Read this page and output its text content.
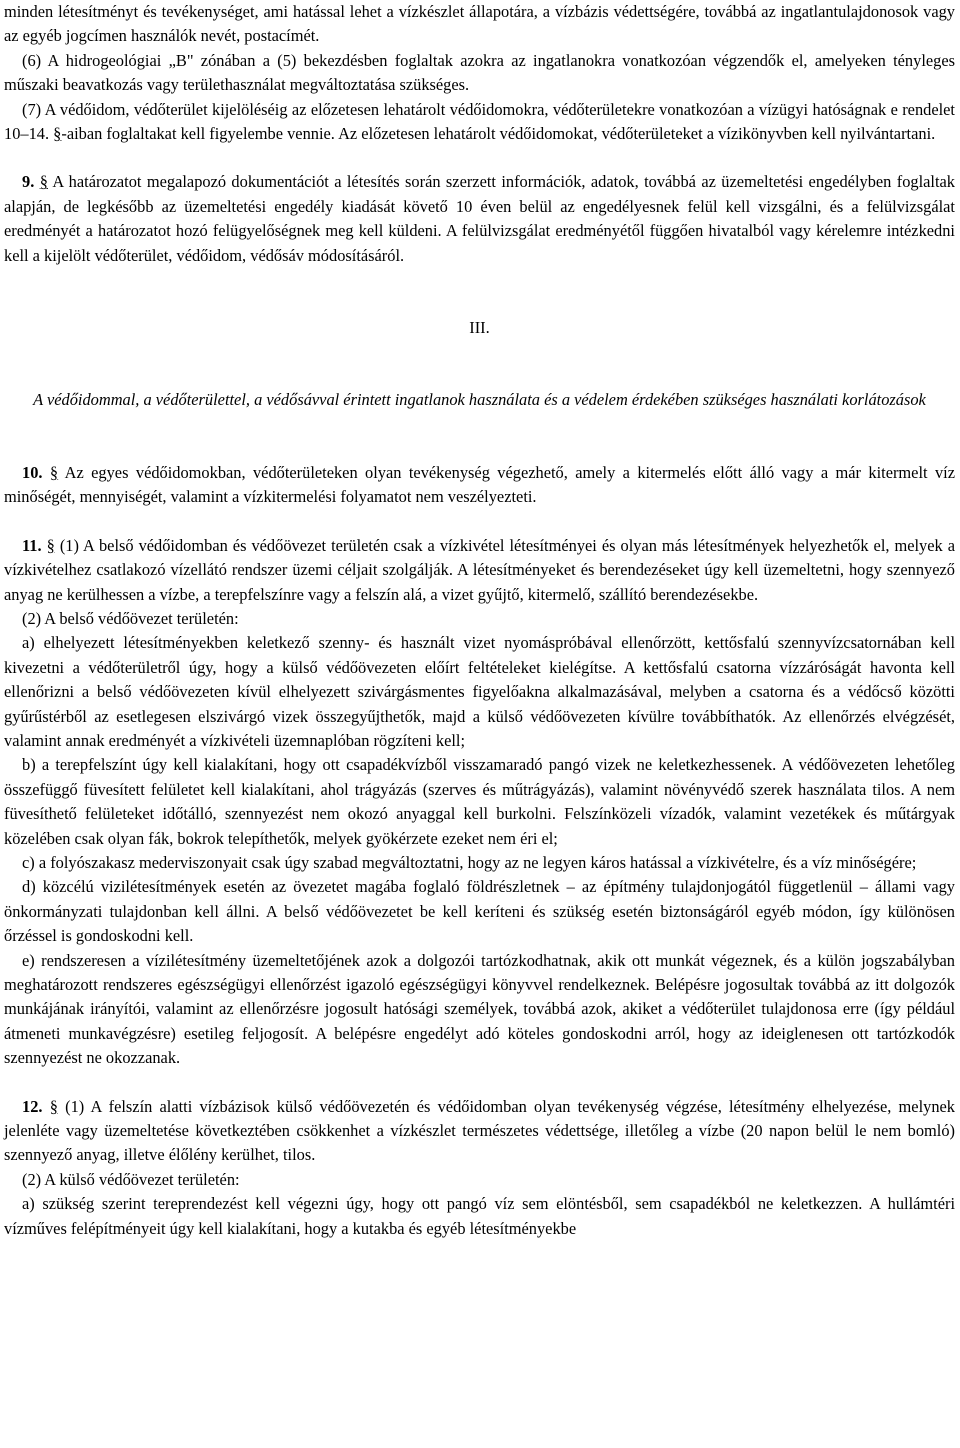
minden létesítményt és tevékenységet, ami hatással lehet a vízkészlet állapotára, a vízbázis védettségére, továbbá az ingatlantulajdonosok vagy az egyéb jogcímen használók nevét, postacímét.

(6) A hidrogeológiai „B" zónában a (5) bekezdésben foglaltak azokra az ingatlanokra vonatkozóan végzendők el, amelyeken tényleges műszaki beavatkozás vagy területhasználat megváltoztatása szükséges.

(7) A védőidom, védőterület kijelöléséig az előzetesen lehatárolt védőidomokra, védőterületekre vonatkozóan a vízügyi hatóságnak e rendelet 10–14. §-aiban foglaltakat kell figyelembe vennie. Az előzetesen lehatárolt védőidomokat, védőterületeket a vízikönyvben kell nyilvántartani.

9. § A határozatot megalapozó dokumentációt a létesítés során szerzett információk, adatok, továbbá az üzemeltetési engedélyben foglaltak alapján, de legkésőbb az üzemeltetési engedély kiadását követő 10 éven belül az engedélyesnek felül kell vizsgálni, és a felülvizsgálat eredményét a határozatot hozó felügyelőségnek meg kell küldeni. A felülvizsgálat eredményétől függően hivatalból vagy kérelemre intézkedni kell a kijelölt védőterület, védőidom, védősáv módosításáról.

III.

A védőidommal, a védőterülettel, a védősávval érintett ingatlanok használata és a védelem érdekében szükséges használati korlátozások

10. § Az egyes védőidomokban, védőterületeken olyan tevékenység végezhető, amely a kitermelés előtt álló vagy a már kitermelt víz minőségét, mennyiségét, valamint a vízkitermelési folyamatot nem veszélyezteti.

11. § (1) A belső védőidomban és védőövezet területén csak a vízkivétel létesítményei és olyan más létesítmények helyezhetők el, melyek a vízkivételhez csatlakozó vízellátó rendszer üzemi céljait szolgálják. A létesítményeket és berendezéseket úgy kell üzemeltetni, hogy szennyező anyag ne kerülhessen a vízbe, a terepfelszínre vagy a felszín alá, a vizet gyűjtő, kitermelő, szállító berendezésekbe.

(2) A belső védőövezet területén:

a) elhelyezett létesítményekben keletkező szenny- és használt vizet nyomáspróbával ellenőrzött, kettősfalú szennyvízcsatornában kell kivezetni a védőterületről úgy, hogy a külső védőövezeten előírt feltételeket kielégítse. A kettősfalú csatorna vízzáróságát havonta kell ellenőrizni a belső védőövezeten kívül elhelyezett szivárgásmentes figyelőakna alkalmazásával, melyben a csatorna és a védőcső közötti gyűrűstérből az esetlegesen elszivárgó vizek összegyűjthetők, majd a külső védőövezeten kívülre továbbíthatók. Az ellenőrzés elvégzését, valamint annak eredményét a vízkivételi üzemnaplóban rögzíteni kell;

b) a terepfelszínt úgy kell kialakítani, hogy ott csapadékvízből visszamaradó pangó vizek ne keletkezhessenek. A védőövezeten lehetőleg összefüggő füvesített felületet kell kialakítani, ahol trágyázás (szerves és műtrágyázás), valamint növényvédő szerek használata tilos. A nem füvesíthető felületeket időtálló, szennyezést nem okozó anyaggal kell burkolni. Felszínközeli vízadók, valamint vezetékek és műtárgyak közelében csak olyan fák, bokrok telepíthetők, melyek gyökérzete ezeket nem éri el;

c) a folyószakasz mederviszonyait csak úgy szabad megváltoztatni, hogy az ne legyen káros hatással a vízkivételre, és a víz minőségére;

d) közcélú vizilétesítmények esetén az övezetet magába foglaló földrészletnek – az építmény tulajdonjogától függetlenül – állami vagy önkormányzati tulajdonban kell állni. A belső védőövezetet be kell keríteni és szükség esetén biztonságáról egyéb módon, így különösen őrzéssel is gondoskodni kell.

e) rendszeresen a vízilétesítmény üzemeltetőjének azok a dolgozói tartózkodhatnak, akik ott munkát végeznek, és a külön jogszabályban meghatározott rendszeres egészségügyi ellenőrzést igazoló egészségügyi könyvvel rendelkeznek. Belépésre jogosultak továbbá az itt dolgozók munkájának irányítói, valamint az ellenőrzésre jogosult hatósági személyek, továbbá azok, akiket a védőterület tulajdonosa erre (így például átmeneti munkavégzésre) esetileg feljogosít. A belépésre engedélyt adó köteles gondoskodni arról, hogy az ideiglenesen ott tartózkodók szennyezést ne okozzanak.

12. § (1) A felszín alatti vízbázisok külső védőövezetén és védőidomban olyan tevékenység végzése, létesítmény elhelyezése, melynek jelenléte vagy üzemeltetése következtében csökkenhet a vízkészlet természetes védettsége, illetőleg a vízbe (20 napon belül le nem bomló) szennyező anyag, illetve élőlény kerülhet, tilos.

(2) A külső védőövezet területén:

a) szükség szerint tereprendezést kell végezni úgy, hogy ott pangó víz sem elöntésből, sem csapadékból ne keletkezzen. A hullámtéri vízműves felépítményeit úgy kell kialakítani, hogy a kutakba és egyéb létesítményekbe
